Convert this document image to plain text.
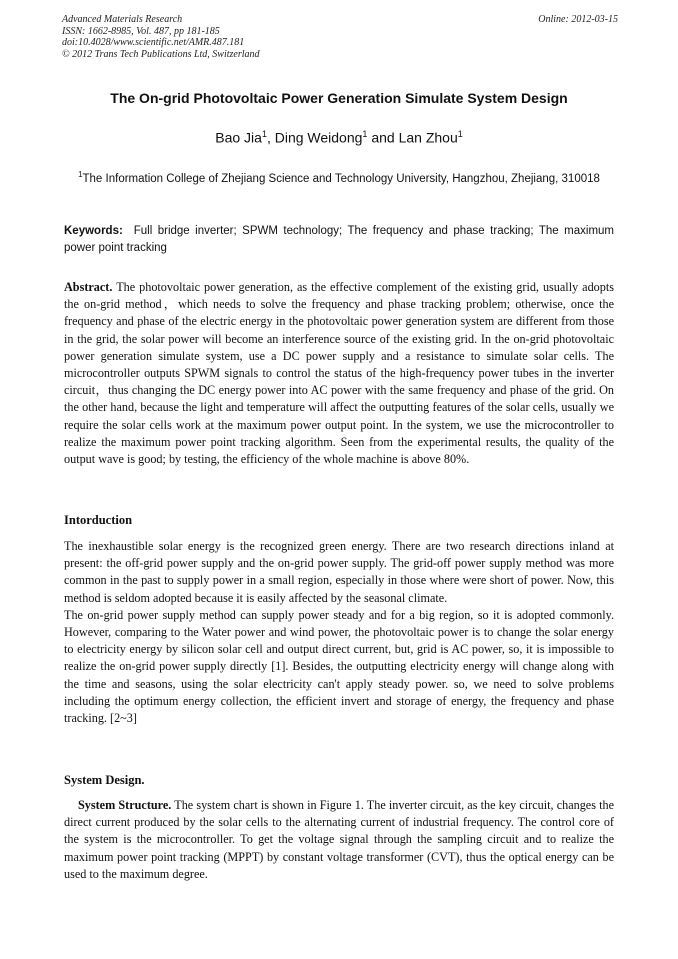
Advanced Materials Research
ISSN: 1662-8985, Vol. 487, pp 181-185
doi:10.4028/www.scientific.net/AMR.487.181
© 2012 Trans Tech Publications Ltd, Switzerland
Online: 2012-03-15
The On-grid Photovoltaic Power Generation Simulate System Design
Bao Jia$^1$, Ding Weidong$^1$ and Lan Zhou$^1$
$^1$The Information College of Zhejiang Science and Technology University, Hangzhou, Zhejiang, 310018
Keywords: Full bridge inverter; SPWM technology; The frequency and phase tracking; The maximum power point tracking
Abstract. The photovoltaic power generation, as the effective complement of the existing grid, usually adopts the on-grid method，which needs to solve the frequency and phase tracking problem; otherwise, once the frequency and phase of the electric energy in the photovoltaic power generation system are different from those in the grid, the solar power will become an interference source of the existing grid. In the on-grid photovoltaic power generation simulate system, use a DC power supply and a resistance to simulate solar cells. The microcontroller outputs SPWM signals to control the status of the high-frequency power tubes in the inverter circuit，thus changing the DC energy power into AC power with the same frequency and phase of the grid. On the other hand, because the light and temperature will affect the outputting features of the solar cells, usually we require the solar cells work at the maximum power output point. In the system, we use the microcontroller to realize the maximum power point tracking algorithm. Seen from the experimental results, the quality of the output wave is good; by testing, the efficiency of the whole machine is above 80%.
Intorduction

The inexhaustible solar energy is the recognized green energy. There are two research directions inland at present: the off-grid power supply and the on-grid power supply. The grid-off power supply method was more common in the past to supply power in a small region, especially in those where were short of power. Now, this method is seldom adopted because it is easily affected by the seasonal climate.

The on-grid power supply method can supply power steady and for a big region, so it is adopted commonly. However, comparing to the Water power and wind power, the photovoltaic power is to change the solar energy to electricity energy by silicon solar cell and output direct current, but, grid is AC power, so, it is impossible to realize the on-grid power supply directly [1]. Besides, the outputting electricity energy will change along with the time and seasons, using the solar electricity can't apply steady power. so, we need to solve problems including the optimum energy collection, the efficient invert and storage of energy, the frequency and phase tracking. [2~3]

System Design.
System Structure. The system chart is shown in Figure 1. The inverter circuit, as the key circuit, changes the direct current produced by the solar cells to the alternating current of industrial frequency. The control core of the system is the microcontroller. To get the voltage signal through the sampling circuit and to realize the maximum power point tracking (MPPT) by constant voltage transformer (CVT), thus the optical energy can be used to the maximum degree.
